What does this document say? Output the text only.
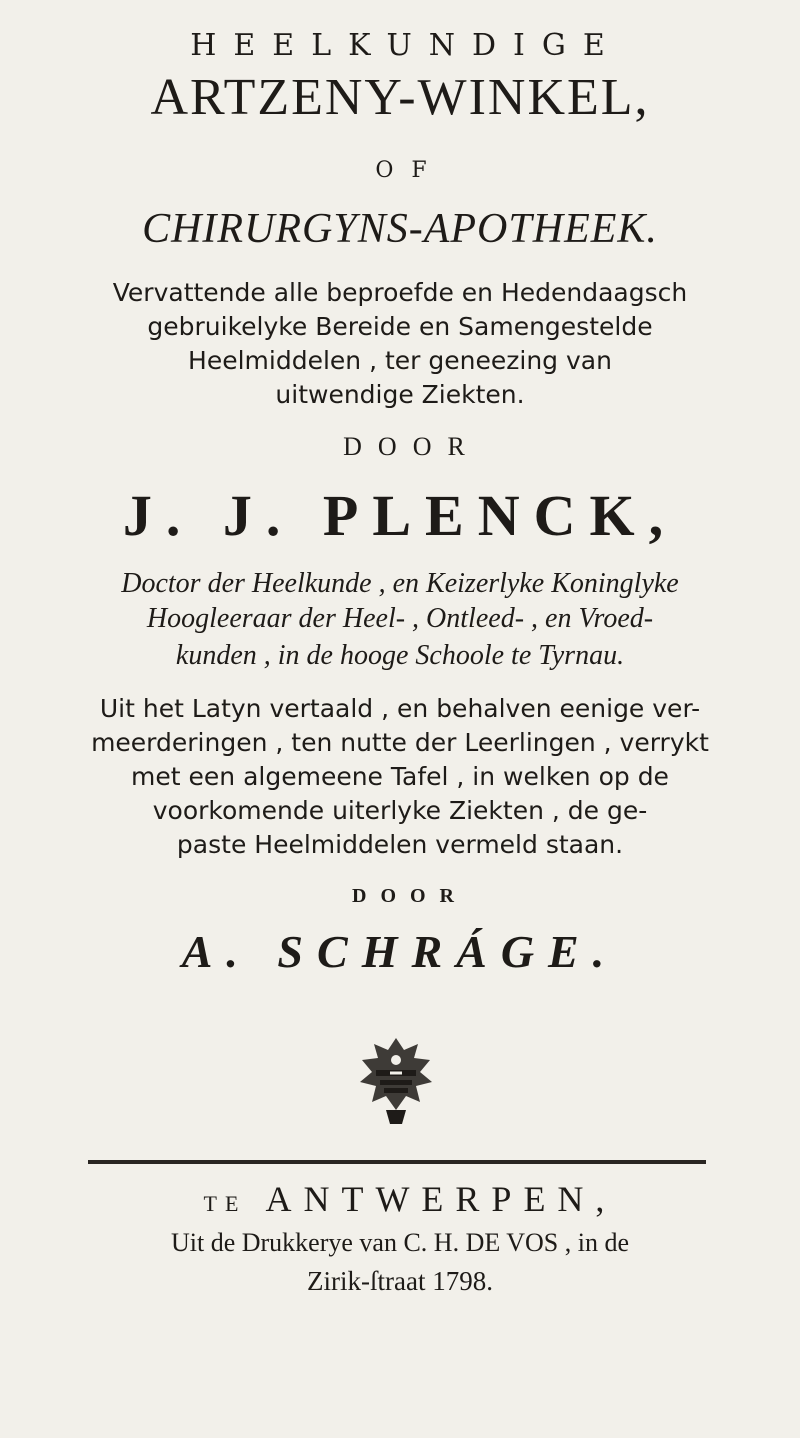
HEELKUNDIGE
ARTZENY-WINKEL,
OF
CHIRURGYNS-APOTHEEK.
Vervattende alle beproefde en Hedendaagsch
gebruikelyke Bereide en Samengestelde
Heelmiddelen , ter geneezing van
uitwendige Ziekten.
DOOR
J. J. PLENCK,
Doctor der Heelkunde , en Keizerlyke Koninglyke
Hoogleeraar der Heel- , Ontleed- , en Vroed-
kunden , in de hooge Schoole te Tyrnau.
Uit het Latyn vertaald , en behalven eenige ver-
meerderingen , ten nutte der Leerlingen , verrykt
met een algemeene Tafel , in welken op de
voorkomende uiterlyke Ziekten , de ge-
paste Heelmiddelen vermeld staan.
DOOR
A. SCHRÁGE.
TE ANTWERPEN,
Uit de Drukkerye van C. H. DE VOS , in de
Zirik-ſtraat 1798.
